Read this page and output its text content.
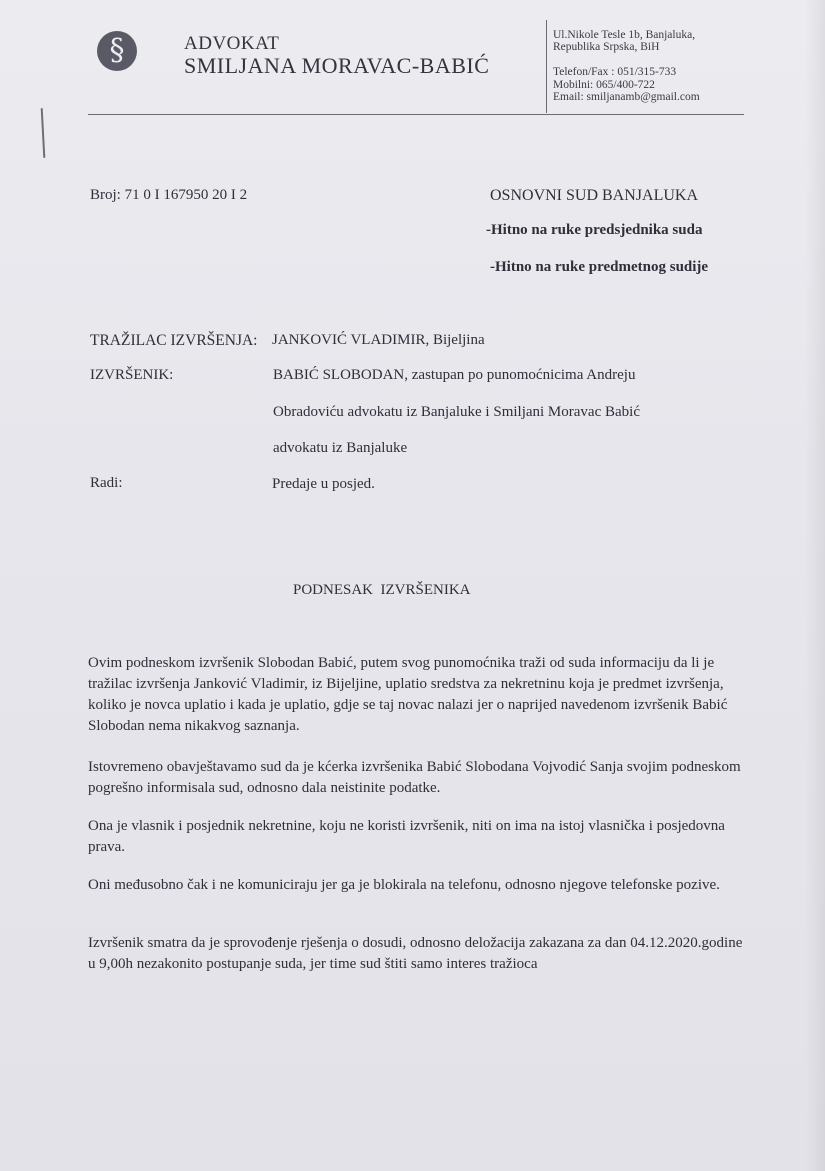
§	ADVOKAT
SMILJANA MORAVAC-BABIĆ
Ul.Nikole Tesle 1b, Banjaluka,
Republika Srpska, BiH
Telefon/Fax : 051/315-733
Mobilni: 065/400-722
Email: smiljanamb@gmail.com
Broj: 71 0 I 167950 20 I 2	OSNOVNI SUD BANJALUKA
-Hitno na ruke predsjednika suda
-Hitno na ruke predmetnog sudije
TRAŽILAC IZVRŠENJA: JANKOVIĆ VLADIMIR, Bijeljina
IZVRŠENIK:	BABIĆ SLOBODAN, zastupan po punomoćnicima Andreju
Obradoviću advokatu iz Banjaluke i Smiljani Moravac Babić
advokatu iz Banjaluke
Radi:	Predaje u posjed.
PODNESAK  IZVRŠENIKA
Ovim podneskom izvršenik Slobodan Babić, putem svog punomoćnika traži od suda informaciju da li je tražilac izvršenja Janković Vladimir, iz Bijeljine, uplatio sredstva za nekretninu koja je predmet izvršenja, koliko je novca uplatio i kada je uplatio, gdje se taj novac nalazi jer o naprijed navedenom izvršenik Babić Slobodan nema nikakvog saznanja.
Istovremeno obavještavamo sud da je kćerka izvršenika Babić Slobodana Vojvodić Sanja svojim podneskom pogrešno informisala sud, odnosno dala neistinite podatke.
Ona je vlasnik i posjednik nekretnine, koju ne koristi izvršenik, niti on ima na istoj vlasnička i posjedovna prava.
Oni međusobno čak i ne komuniciraju jer ga je blokirala na telefonu, odnosno njegove telefonske pozive.
Izvršenik smatra da je sprovođenje rješenja o dosudi, odnosno deložacija zakazana za dan 04.12.2020.godine u 9,00h nezakonito postupanje suda, jer time sud štiti samo interes tražioca
